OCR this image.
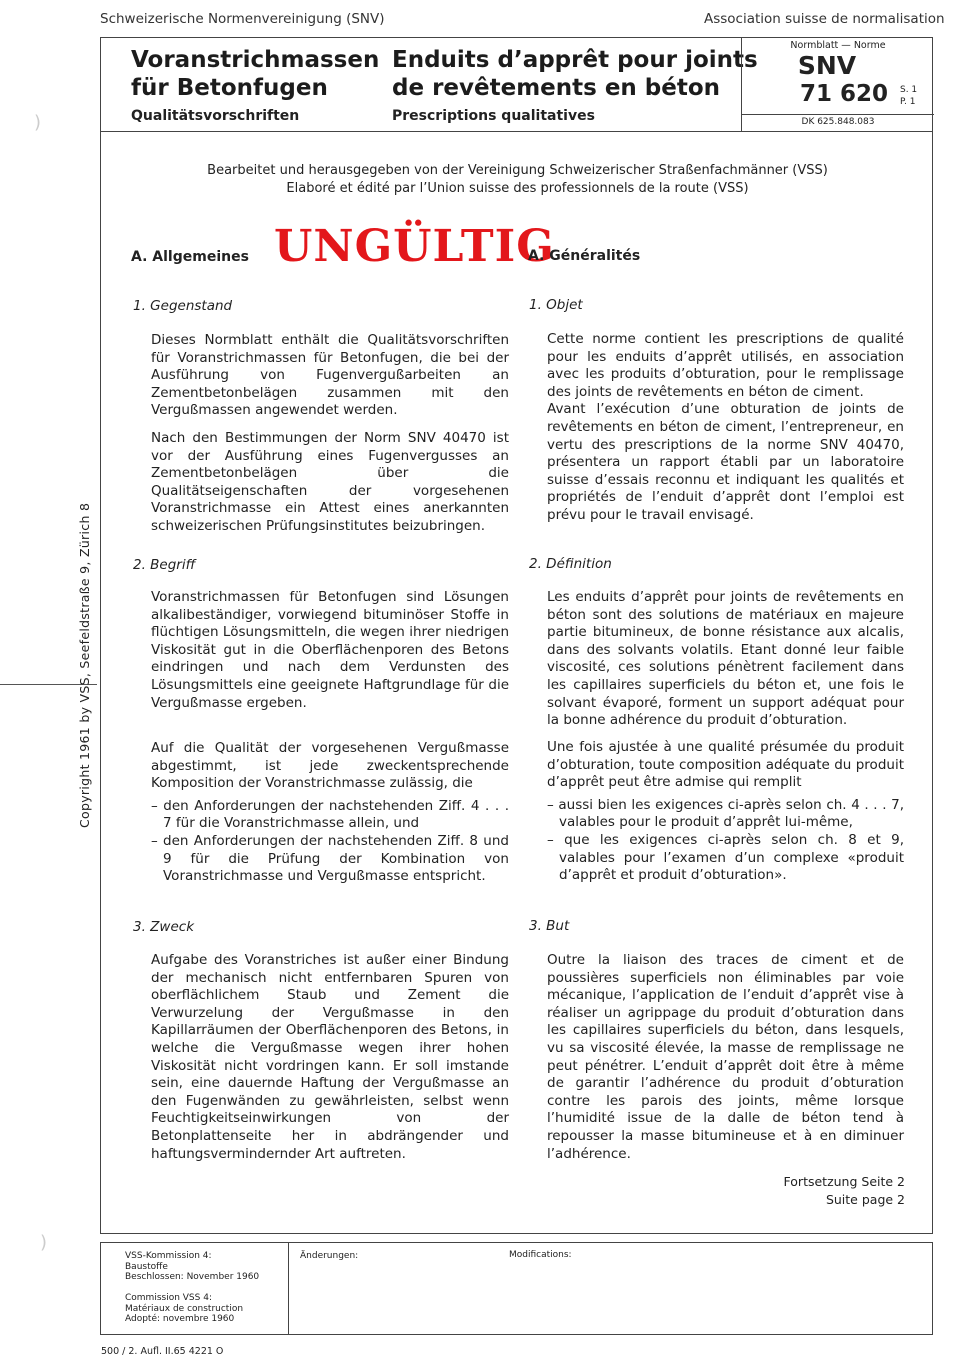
Schweizerische Normenvereinigung (SNV)	Association suisse de normalisation
Voranstrichmassen
für Betonfugen
Qualitätsvorschriften
Enduits d’apprêt pour joints
de revêtements en béton
Prescriptions qualitatives
Normblatt — Norme
SNV
71 620 S. 1
P. 1
DK 625.848.083
Bearbeitet und herausgegeben von der Vereinigung Schweizerischer Straßenfachmänner (VSS)
Elaboré et édité par l’Union suisse des professionnels de la route (VSS)
A. Allgemeines UNGÜLTIG
A. Généralités
1. Gegenstand	1. Objet

Dieses Normblatt enthält die Qualitätsvorschriften für Voranstrichmassen für Betonfugen, die bei der Ausführung von Fugenvergußarbeiten an Zementbetonbelägen zusammen mit den Vergußmassen angewendet werden.

Nach den Bestimmungen der Norm SNV 40470 ist vor der Ausführung eines Fugenvergusses an Zementbetonbelägen über die Qualitätseigenschaften der vorgesehenen Voranstrichmasse ein Attest eines anerkannten schweizerischen Prüfungsinstitutes beizubringen.

Cette norme contient les prescriptions de qualité pour les enduits d’apprêt utilisés, en association avec les produits d’obturation, pour le remplissage des joints de revêtements en béton de ciment.

Avant l’exécution d’une obturation de joints de revêtements en béton de ciment, l’entrepreneur, en vertu des prescriptions de la norme SNV 40470, présentera un rapport établi par un laboratoire suisse d’essais reconnu et indiquant les qualités et propriétés de l’enduit d’apprêt dont l’emploi est prévu pour le travail envisagé.

2. Begriff	2. Définition

Voranstrichmassen für Betonfugen sind Lösungen alkalibeständiger, vorwiegend bituminöser Stoffe in flüchtigen Lösungsmitteln, die wegen ihrer niedrigen Viskosität gut in die Oberflächenporen des Betons eindringen und nach dem Verdunsten des Lösungsmittels eine geeignete Haftgrundlage für die Vergußmasse ergeben.

Les enduits d’apprêt pour joints de revêtements en béton sont des solutions de matériaux en majeure partie bitumineux, de bonne résistance aux alcalis, dans des solvants volatils. Etant donné leur faible viscosité, ces solutions pénètrent facilement dans les capillaires superficiels du béton et, une fois le solvant évaporé, forment un support adéquat pour la bonne adhérence du produit d’obturation.

Auf die Qualität der vorgesehenen Vergußmasse abgestimmt, ist jede zweckentsprechende Komposition der Voranstrichmasse zulässig, die

– den Anforderungen der nachstehenden Ziff. 4 . . . 7 für die Voranstrichmasse allein, und
– den Anforderungen der nachstehenden Ziff. 8 und 9 für die Prüfung der Kombination von Voranstrichmasse und Vergußmasse entspricht.

Une fois ajustée à une qualité présumée du produit d’obturation, toute composition adéquate du produit d’apprêt peut être admise qui remplit

– aussi bien les exigences ci-après selon ch. 4 . . . 7, valables pour le produit d’apprêt lui-même,
– que les exigences ci-après selon ch. 8 et 9, valables pour l’examen d’un complexe «produit d’apprêt et produit d’obturation».
3. Zweck	3. But

Aufgabe des Voranstriches ist außer einer Bindung der mechanisch nicht entfernbaren Spuren von oberflächlichem Staub und Zement die Verwurzelung der Vergußmasse in den Kapillarräumen der Oberflächenporen des Betons, in welche die Vergußmasse wegen ihrer hohen Viskosität nicht vordringen kann. Er soll imstande sein, eine dauernde Haftung der Vergußmasse an den Fugenwänden zu gewährleisten, selbst wenn Feuchtigkeitseinwirkungen von der Betonplattenseite her in abdrängender und haftungsvermindernder Art auftreten.

Outre la liaison des traces de ciment et de poussières superficiels non éliminables par voie mécanique, l’application de l’enduit d’apprêt vise à réaliser un agrippage du produit d’obturation dans les capillaires superficiels du béton, dans lesquels, vu sa viscosité élevée, la masse de remplissage ne peut pénétrer. L’enduit d’apprêt doit être à même de garantir l’adhérence du produit d’obturation contre les parois des joints, même lorsque l’humidité issue de la dalle de béton tend à repousser la masse bitumineuse et à en diminuer l’adhérence.

Fortsetzung Seite 2
Suite page 2
Copyright 1961 by VSS, Seefeldstraße 9, Zürich 8
)
)
VSS-Kommission 4:
Baustoffe
Beschlossen: November 1960
Commission VSS 4:
Matériaux de construction
Adopté: novembre 1960
Änderungen:	Modifications:
500 / 2. Aufl. II.65 4221 O
